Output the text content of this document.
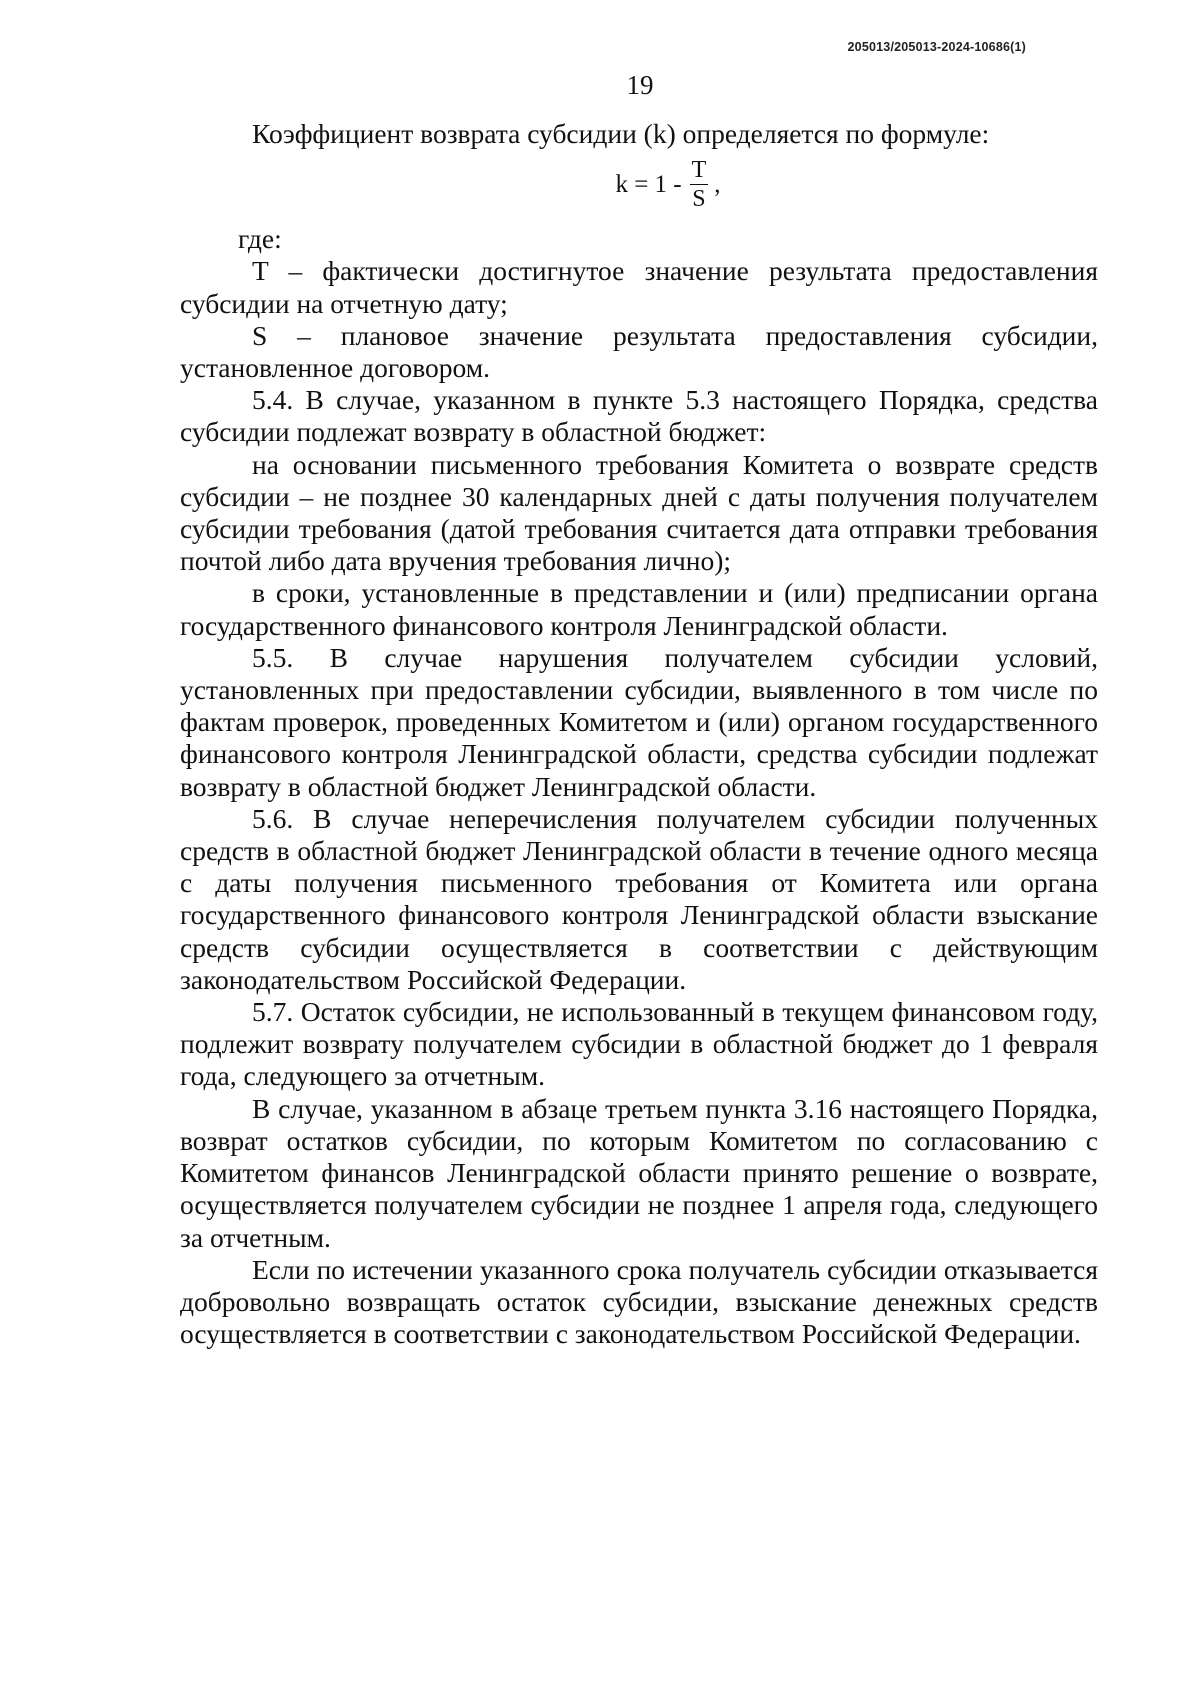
205013/205013-2024-10686(1)
19

Коэффициент возврата субсидии (k) определяется по формуле:

$k = 1 - \frac{T}{S}$ ,

где:

T – фактически достигнутое значение результата предоставления субсидии на отчетную дату;

S – плановое значение результата предоставления субсидии, установленное договором.

5.4. В случае, указанном в пункте 5.3 настоящего Порядка, средства субсидии подлежат возврату в областной бюджет:

на основании письменного требования Комитета о возврате средств субсидии – не позднее 30 календарных дней с даты получения получателем субсидии требования (датой требования считается дата отправки требования почтой либо дата вручения требования лично);

в сроки, установленные в представлении и (или) предписании органа государственного финансового контроля Ленинградской области.

5.5. В случае нарушения получателем субсидии условий, установленных при предоставлении субсидии, выявленного в том числе по фактам проверок, проведенных Комитетом и (или) органом государственного финансового контроля Ленинградской области, средства субсидии подлежат возврату в областной бюджет Ленинградской области.

5.6. В случае неперечисления получателем субсидии полученных средств в областной бюджет Ленинградской области в течение одного месяца с даты получения письменного требования от Комитета или органа государственного финансового контроля Ленинградской области взыскание средств субсидии осуществляется в соответствии с действующим законодательством Российской Федерации.

5.7. Остаток субсидии, не использованный в текущем финансовом году, подлежит возврату получателем субсидии в областной бюджет до 1 февраля года, следующего за отчетным.

В случае, указанном в абзаце третьем пункта 3.16 настоящего Порядка, возврат остатков субсидии, по которым Комитетом по согласованию с Комитетом финансов Ленинградской области принято решение о возврате, осуществляется получателем субсидии не позднее 1 апреля года, следующего за отчетным.

Если по истечении указанного срока получатель субсидии отказывается добровольно возвращать остаток субсидии, взыскание денежных средств осуществляется в соответствии с законодательством Российской Федерации.
